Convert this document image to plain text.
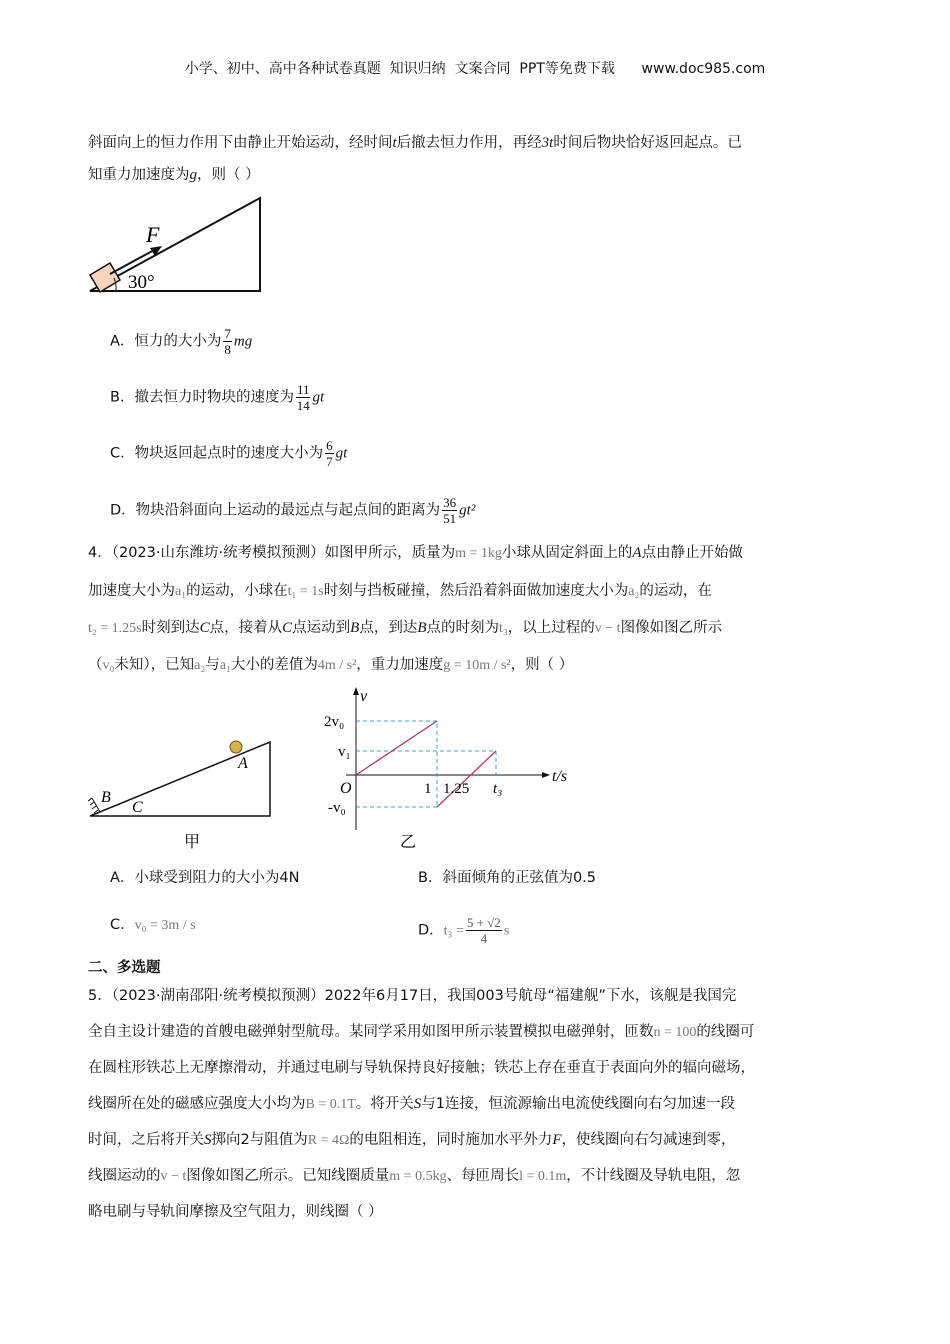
小学、初中、高中各种试卷真题  知识归纳  文案合同  PPT等免费下载      www.doc985.com
斜面向上的恒力作用下由静止开始运动，经时间t后撤去恒力作用，再经3t时间后物块恰好返回起点。已
知重力加速度为g，则（ ）
F
30°
A．恒力的大小为 $\frac{7}{8}$ mg
B．撤去恒力时物块的速度为 $\frac{11}{14}$ gt
C．物块返回起点时的速度大小为 $\frac{6}{7}$ gt
D．物块沿斜面向上运动的最远点与起点间的距离为 $\frac{36}{51} gt^2$
4．（2023·山东潍坊·统考模拟预测）如图甲所示，质量为m = 1kg小球从固定斜面上的A点由静止开始做
加速度大小为a₁的运动，小球在t₁ = 1s时刻与挡板碰撞，然后沿着斜面做加速度大小为a₂的运动，在
t₂ = 1.25s时刻到达C点，接着从C点运动到B点，到达B点的时刻为t₃，以上过程的v − t图像如图乙所示
（v₀未知），已知a₂与a₁大小的差值为4m / s²，重力加速度g = 10m / s²，则（ ）
A
B
C
甲
v
t/s
O
2v₀
v₁
-v₀
1 1.25 t₃
乙
A．小球受到阻力的大小为4N	B．斜面倾角的正弦值为0.5
C．v₀ = 3m / s	D．$t_3 = \frac{5 + √2}{4}$ s
二、多选题
5．（2023·湖南邵阳·统考模拟预测）2022年6月17日，我国003号航母“福建舰”下水，该舰是我国完
全自主设计建造的首艘电磁弹射型航母。某同学采用如图甲所示装置模拟电磁弹射，匝数n = 100的线圈可
在圆柱形铁芯上无摩擦滑动，并通过电刷与导轨保持良好接触；铁芯上存在垂直于表面向外的辐向磁场，
线圈所在处的磁感应强度大小均为B = 0.1T。将开关S与1连接，恒流源输出电流使线圈向右匀加速一段
时间，之后将开关S掷向2与阻值为R = 4Ω的电阻相连，同时施加水平外力F，使线圈向右匀减速到零，
线圈运动的v − t图像如图乙所示。已知线圈质量m = 0.5kg、每匝周长l = 0.1m，不计线圈及导轨电阻，忽
略电刷与导轨间摩擦及空气阻力，则线圈（ ）
